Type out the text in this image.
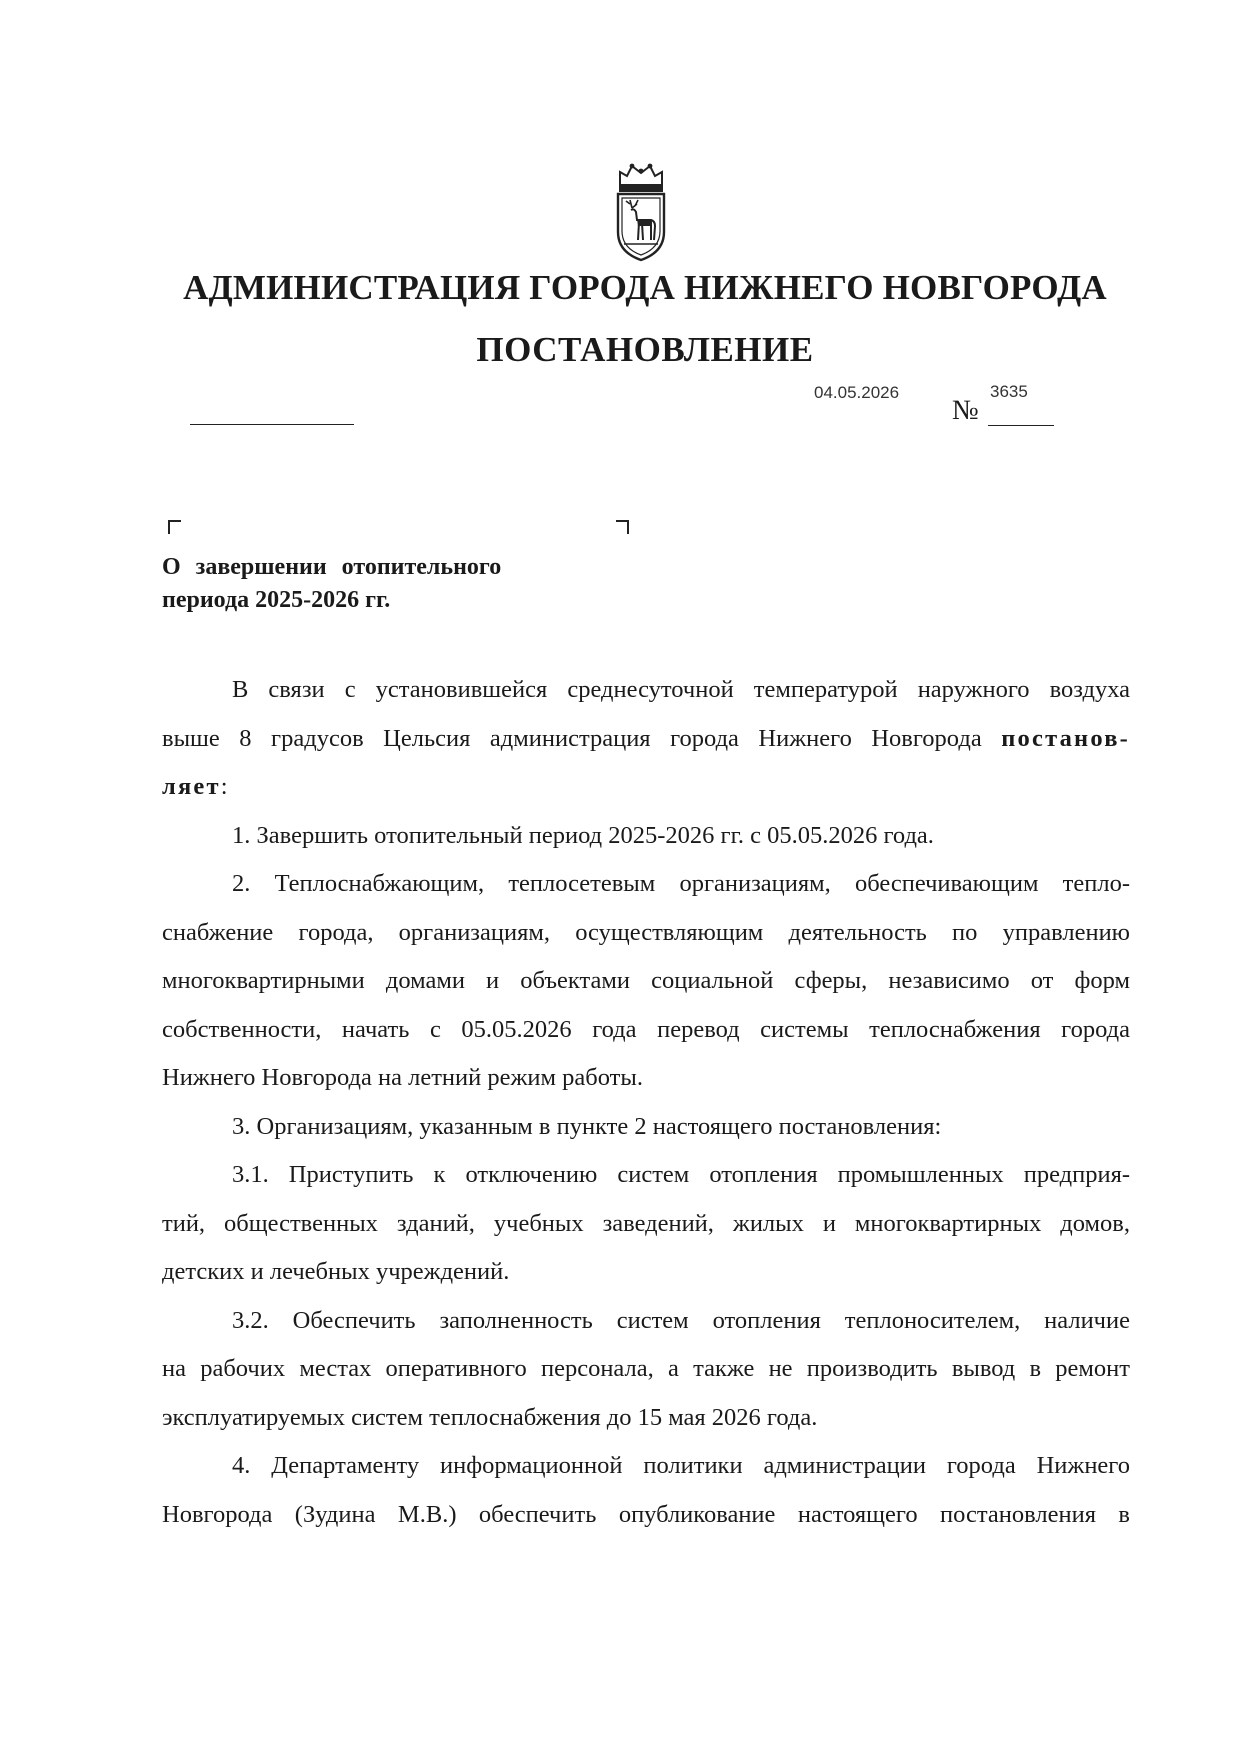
АДМИНИСТРАЦИЯ ГОРОДА НИЖНЕГО НОВГОРОДА
ПОСТАНОВЛЕНИЕ
04.05.2026
№
3635
О завершении отопительного
периода 2025-2026 гг.
В связи с установившейся среднесуточной температурой наружного воздуха
выше 8 градусов Цельсия администрация города Нижнего Новгорода постанов-
ляет:
1. Завершить отопительный период 2025-2026 гг. с 05.05.2026 года.
2. Теплоснабжающим, теплосетевым организациям, обеспечивающим тепло-
снабжение города, организациям, осуществляющим деятельность по управлению
многоквартирными домами и объектами социальной сферы, независимо от форм
собственности, начать с 05.05.2026 года перевод системы теплоснабжения города
Нижнего Новгорода на летний режим работы.
3. Организациям, указанным в пункте 2 настоящего постановления:
3.1. Приступить к отключению систем отопления промышленных предприя-
тий, общественных зданий, учебных заведений, жилых и многоквартирных домов,
детских и лечебных учреждений.
3.2. Обеспечить заполненность систем отопления теплоносителем, наличие
на рабочих местах оперативного персонала, а также не производить вывод в ремонт
эксплуатируемых систем теплоснабжения до 15 мая 2026 года.
4. Департаменту информационной политики администрации города Нижнего
Новгорода (Зудина М.В.) обеспечить опубликование настоящего постановления в
